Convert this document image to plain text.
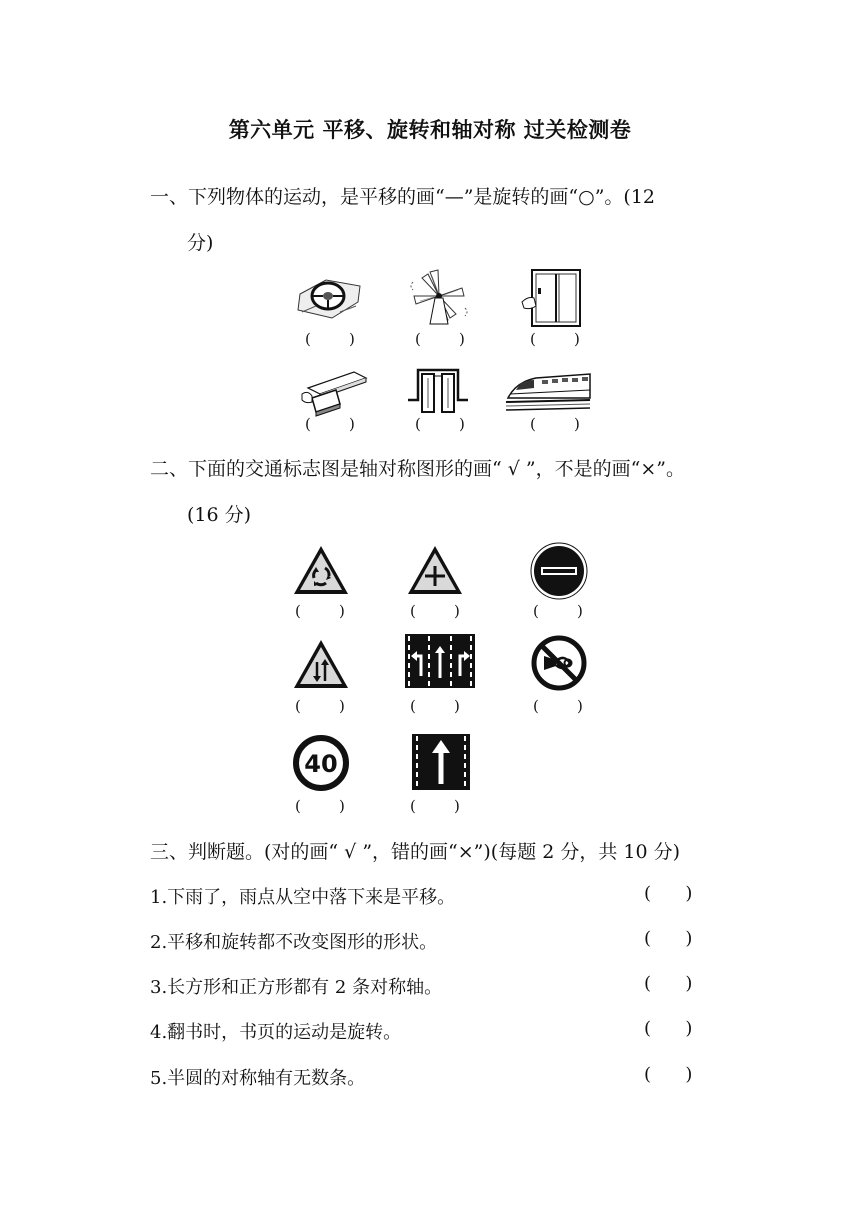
第六单元 平移、旋转和轴对称 过关检测卷
一、下列物体的运动，是平移的画“—”是旋转的画“○”。(12
分)
(        )	(        )	(        )
(        )	(        )	(        )
二、下面的交通标志图是轴对称图形的画“ √ ”，不是的画“×”。
(16 分)
(        )	(        )	(        )
(        )	(        )	(        )
40
(        )	(        )
三、判断题。(对的画“ √ ”，错的画“×”)(每题 2 分，共 10 分)
1.下雨了，雨点从空中落下来是平移。	(      )
2.平移和旋转都不改变图形的形状。	(      )
3.长方形和正方形都有 2 条对称轴。	(      )
4.翻书时，书页的运动是旋转。	(      )
5.半圆的对称轴有无数条。	(      )
